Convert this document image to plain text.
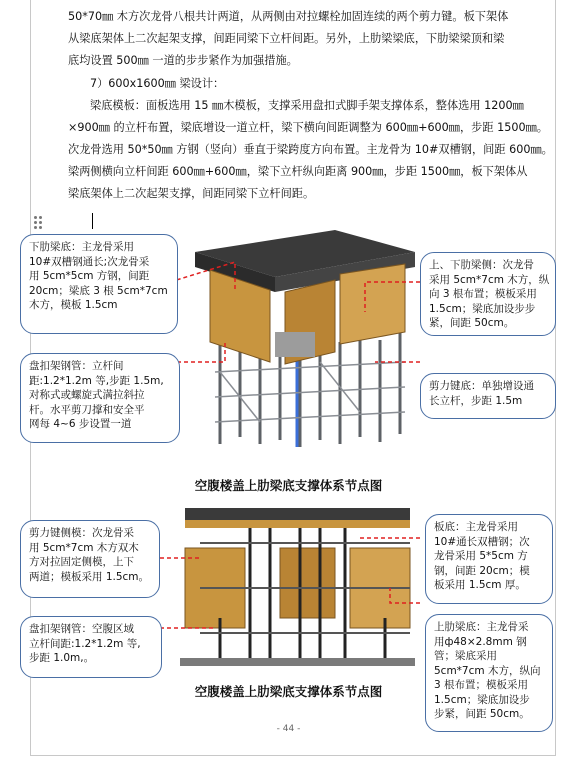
50*70㎜ 木方次龙骨八根共计两道，从两侧由对拉螺栓加固连续的两个剪力键。板下架体
从梁底架体上二次起架支撑，间距同梁下立杆间距。另外，上肋梁梁底，下肋梁梁顶和梁
底均设置 500㎜ 一道的步步紧作为加强措施。
7）600x1600㎜ 梁设计：
梁底模板：面板选用 15 ㎜木模板，支撑采用盘扣式脚手架支撑体系，整体选用 1200㎜
×900㎜ 的立杆布置，梁底增设一道立杆，梁下横向间距调整为 600㎜+600㎜，步距 1500㎜。
次龙骨选用 50*50㎜ 方钢（竖向）垂直于梁跨度方向布置。主龙骨为 10#双槽钢，间距 600㎜。
梁两侧横向立杆间距 600㎜+600㎜，梁下立杆纵向距离 900㎜，步距 1500㎜，板下架体从
梁底架体上二次起架支撑，间距同梁下立杆间距。
下肋梁底：主龙骨采用
10#双槽钢通长;次龙骨采
用 5cm*5cm 方钢，间距
20cm；梁底 3 根 5cm*7cm
木方，模板 1.5cm
盘扣架钢管：立杆间
距:1.2*1.2m 等,步距 1.5m,
对称式或螺旋式满拉斜拉
杆。水平剪刀撑和安全平
网每 4~6 步设置一道
上、下肋梁侧：次龙骨
采用 5cm*7cm 木方，纵
向 3 根布置；模板采用
1.5cm；梁底加设步步
紧，间距 50cm。
剪力键底：单独增设通
长立杆，步距 1.5m
空腹楼盖上肋梁底支撑体系节点图
剪力键侧模：次龙骨采
用 5cm*7cm 木方双木
方对拉固定侧模，上下
两道；模板采用 1.5cm。
盘扣架钢管：空腹区域
立杆间距:1.2*1.2m 等,
步距 1.0m,。
板底：主龙骨采用
10#通长双槽钢；次
龙骨采用 5*5cm 方
钢，间距 20cm；模
板采用 1.5cm 厚。
上肋梁底：主龙骨采
用ф48×2.8mm 钢
管；梁底采用
5cm*7cm 木方，纵向
3 根布置；模板采用
1.5cm；梁底加设步
步紧，间距 50cm。
空腹楼盖上肋梁底支撑体系节点图
- 44 -
